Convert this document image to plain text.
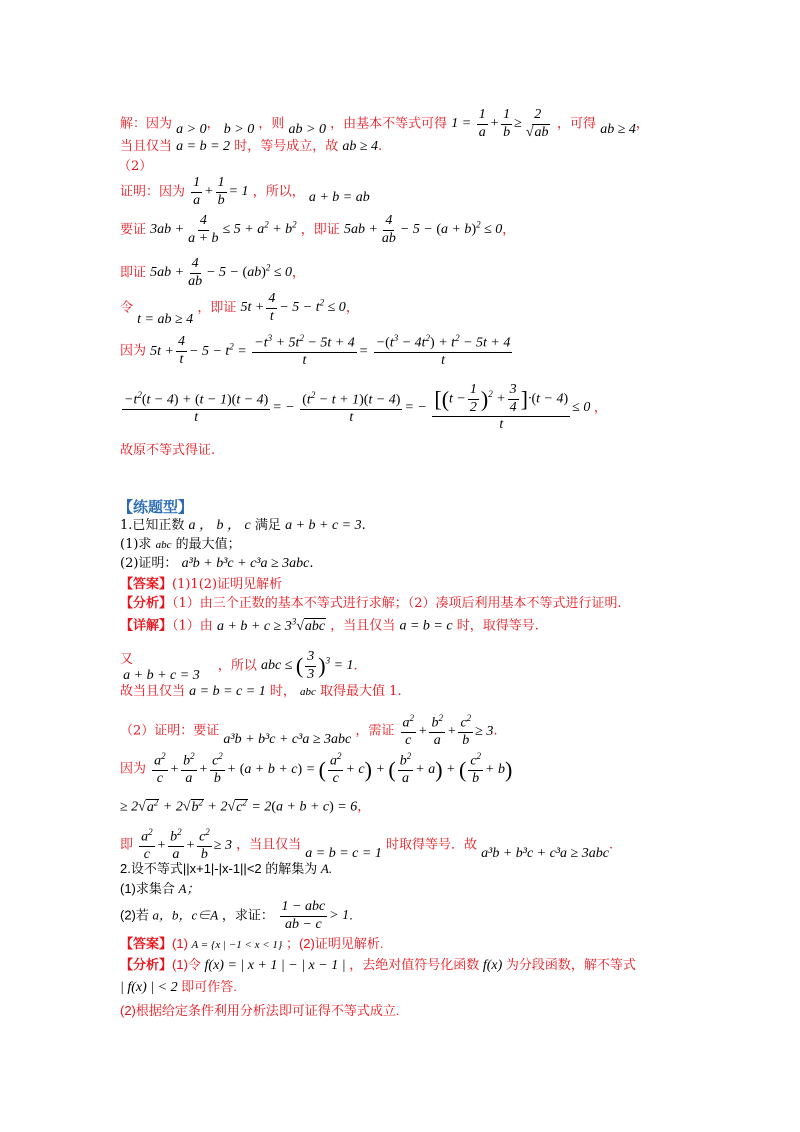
解：因为 a > 0， b > 0 ，则 ab > 0 ，由基本不等式可得 $1 = \frac{1}{a} + \frac{1}{b} \ge \frac{2}{√ab}$ ，可得 ab ≥ 4，
当且仅当 a = b = 2 时，等号成立，故 ab ≥ 4.
（2）
证明：因为 $\frac{1}{a} + \frac{1}{b} = 1$ ，所以， a + b = ab
要证 $3ab + \frac{4}{a + b} \le 5 + a^2 + b^2$ ，即证 $5ab + \frac{4}{ab} - 5 - (a + b)^2 \le 0$，
即证 $5ab + \frac{4}{ab} - 5 - (ab)^2 \le 0$，
令 t = ab ≥ 4 ，即证 $5t + \frac{4}{t} - 5 - t^2 \le 0$，
因为 $5t + \frac{4}{t} - 5 - t^2 = \frac{-t^3 + 5t^2 - 5t + 4}{t} = \frac{-(t^3 - 4t^2) + t^2 - 5t + 4}{t}$
$\frac{-t^2(t - 4) + (t - 1)(t - 4)}{t}$ = − $\frac{(t^2 - t + 1)(t - 4)}{t}$ = − $\frac{[(t - \frac{1}{2} )^2 + \frac{3}{4} ]\cdot(t - 4)}{t} \le 0$ ，
故原不等式得证.
【练题型】
1.已知正数 a ， b ， c 满足 a + b + c = 3.
(1)求 abc 的最大值；
(2)证明： a³b + b³c + c³a ≥ 3abc.
【答案】(1)1(2)证明见解析
【分析】（1）由三个正数的基本不等式进行求解；（2）凑项后利用基本不等式进行证明.
【详解】（1）由 $a + b + c \ge 3^3√abc$ ，当且仅当 a = b = c 时，取得等号.
又 a + b + c = 3 ，所以 abc ≤ ( $\frac{3}{3} )^3 = 1$.
故当且仅当 a = b = c = 1 时， abc 取得最大值 1.
（2）证明：要证 a³b + b³c + c³a ≥ 3abc ，需证 $\frac{a^2}{c} + \frac{b^2}{a} + \frac{c^2}{b} \ge 3$.
因为 $\frac{a^2}{c} + \frac{b^2}{a} + \frac{c^2}{b} + (a + b + c)$ = ( $\frac{a^2}{c} + c$) + ( $\frac{b^2}{a} + a$) + ( $\frac{c^2}{b} + b$)
≥ $2√a^2 + 2√b^2 + 2√c^2 = 2(a + b + c) = 6$，
即 $\frac{a^2}{c} + \frac{b^2}{a} + \frac{c^2}{b} \ge 3$ ，当且仅当 a = b = c = 1 时取得等号．故 a³b + b³c + c³a ≥ 3abc.
2.设不等式||x+1|-|x-1||<2 的解集为 A.
(1)求集合 A；
(2)若 a，b，c∈A ，求证： $\frac{\text{1 − abc}}{ab - c} > 1$.
【答案】(1) A = {x | −1 < x < 1} ；(2)证明见解析.
【分析】(1)令 f(x) = | x + 1 | − | x − 1 | ，去绝对值符号化函数 f(x) 为分段函数，解不等式
| f(x) | < 2 即可作答.
(2)根据给定条件利用分析法即可证得不等式成立.
